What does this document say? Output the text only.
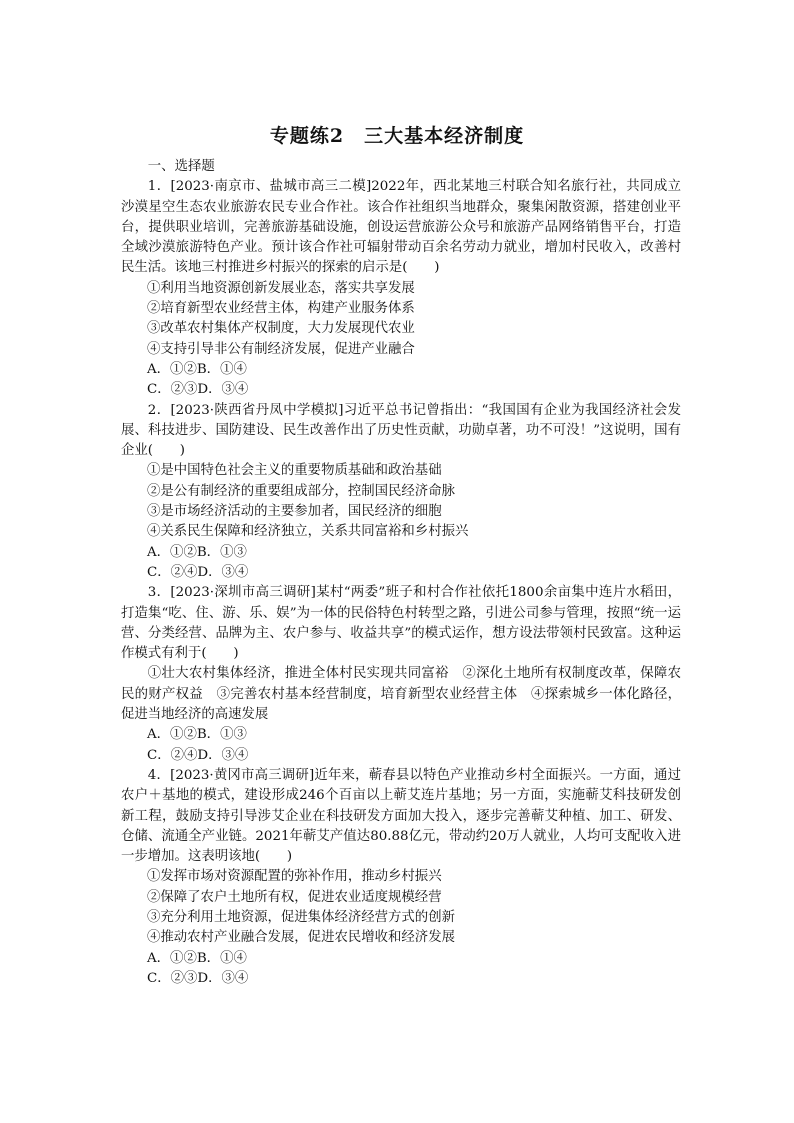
专题练2　三大基本经济制度

一、选择题

1．[2023·南京市、盐城市高三二模]2022年，西北某地三村联合知名旅行社，共同成立沙漠星空生态农业旅游农民专业合作社。该合作社组织当地群众，聚集闲散资源，搭建创业平台，提供职业培训，完善旅游基础设施，创设运营旅游公众号和旅游产品网络销售平台，打造全域沙漠旅游特色产业。预计该合作社可辐射带动百余名劳动力就业，增加村民收入，改善村民生活。该地三村推进乡村振兴的探索的启示是(　　)

①利用当地资源创新发展业态，落实共享发展

②培育新型农业经营主体，构建产业服务体系

③改革农村集体产权制度，大力发展现代农业

④支持引导非公有制经济发展，促进产业融合

A．①②B．①④

C．②③D．③④

2．[2023·陕西省丹凤中学模拟]习近平总书记曾指出：“我国国有企业为我国经济社会发展、科技进步、国防建设、民生改善作出了历史性贡献，功勋卓著，功不可没！”这说明，国有企业(　　)

①是中国特色社会主义的重要物质基础和政治基础

②是公有制经济的重要组成部分，控制国民经济命脉

③是市场经济活动的主要参加者，国民经济的细胞

④关系民生保障和经济独立，关系共同富裕和乡村振兴

A．①②B．①③

C．②④D．③④

3．[2023·深圳市高三调研]某村“两委”班子和村合作社依托1800余亩集中连片水稻田，打造集“吃、住、游、乐、娱”为一体的民俗特色村转型之路，引进公司参与管理，按照“统一运营、分类经营、品牌为主、农户参与、收益共享”的模式运作，想方设法带领村民致富。这种运作模式有利于(　　)

①壮大农村集体经济，推进全体村民实现共同富裕　②深化土地所有权制度改革，保障农民的财产权益　③完善农村基本经营制度，培育新型农业经营主体　④探索城乡一体化路径，促进当地经济的高速发展

A．①②B．①③

C．②④D．③④

4．[2023·黄冈市高三调研]近年来，蕲春县以特色产业推动乡村全面振兴。一方面，通过农户＋基地的模式，建设形成246个百亩以上蕲艾连片基地；另一方面，实施蕲艾科技研发创新工程，鼓励支持引导涉艾企业在科技研发方面加大投入，逐步完善蕲艾种植、加工、研发、仓储、流通全产业链。2021年蕲艾产值达80.88亿元，带动约20万人就业，人均可支配收入进一步增加。这表明该地(　　)

①发挥市场对资源配置的弥补作用，推动乡村振兴

②保障了农户土地所有权，促进农业适度规模经营

③充分利用土地资源，促进集体经济经营方式的创新

④推动农村产业融合发展，促进农民增收和经济发展

A．①②B．①④

C．②③D．③④
